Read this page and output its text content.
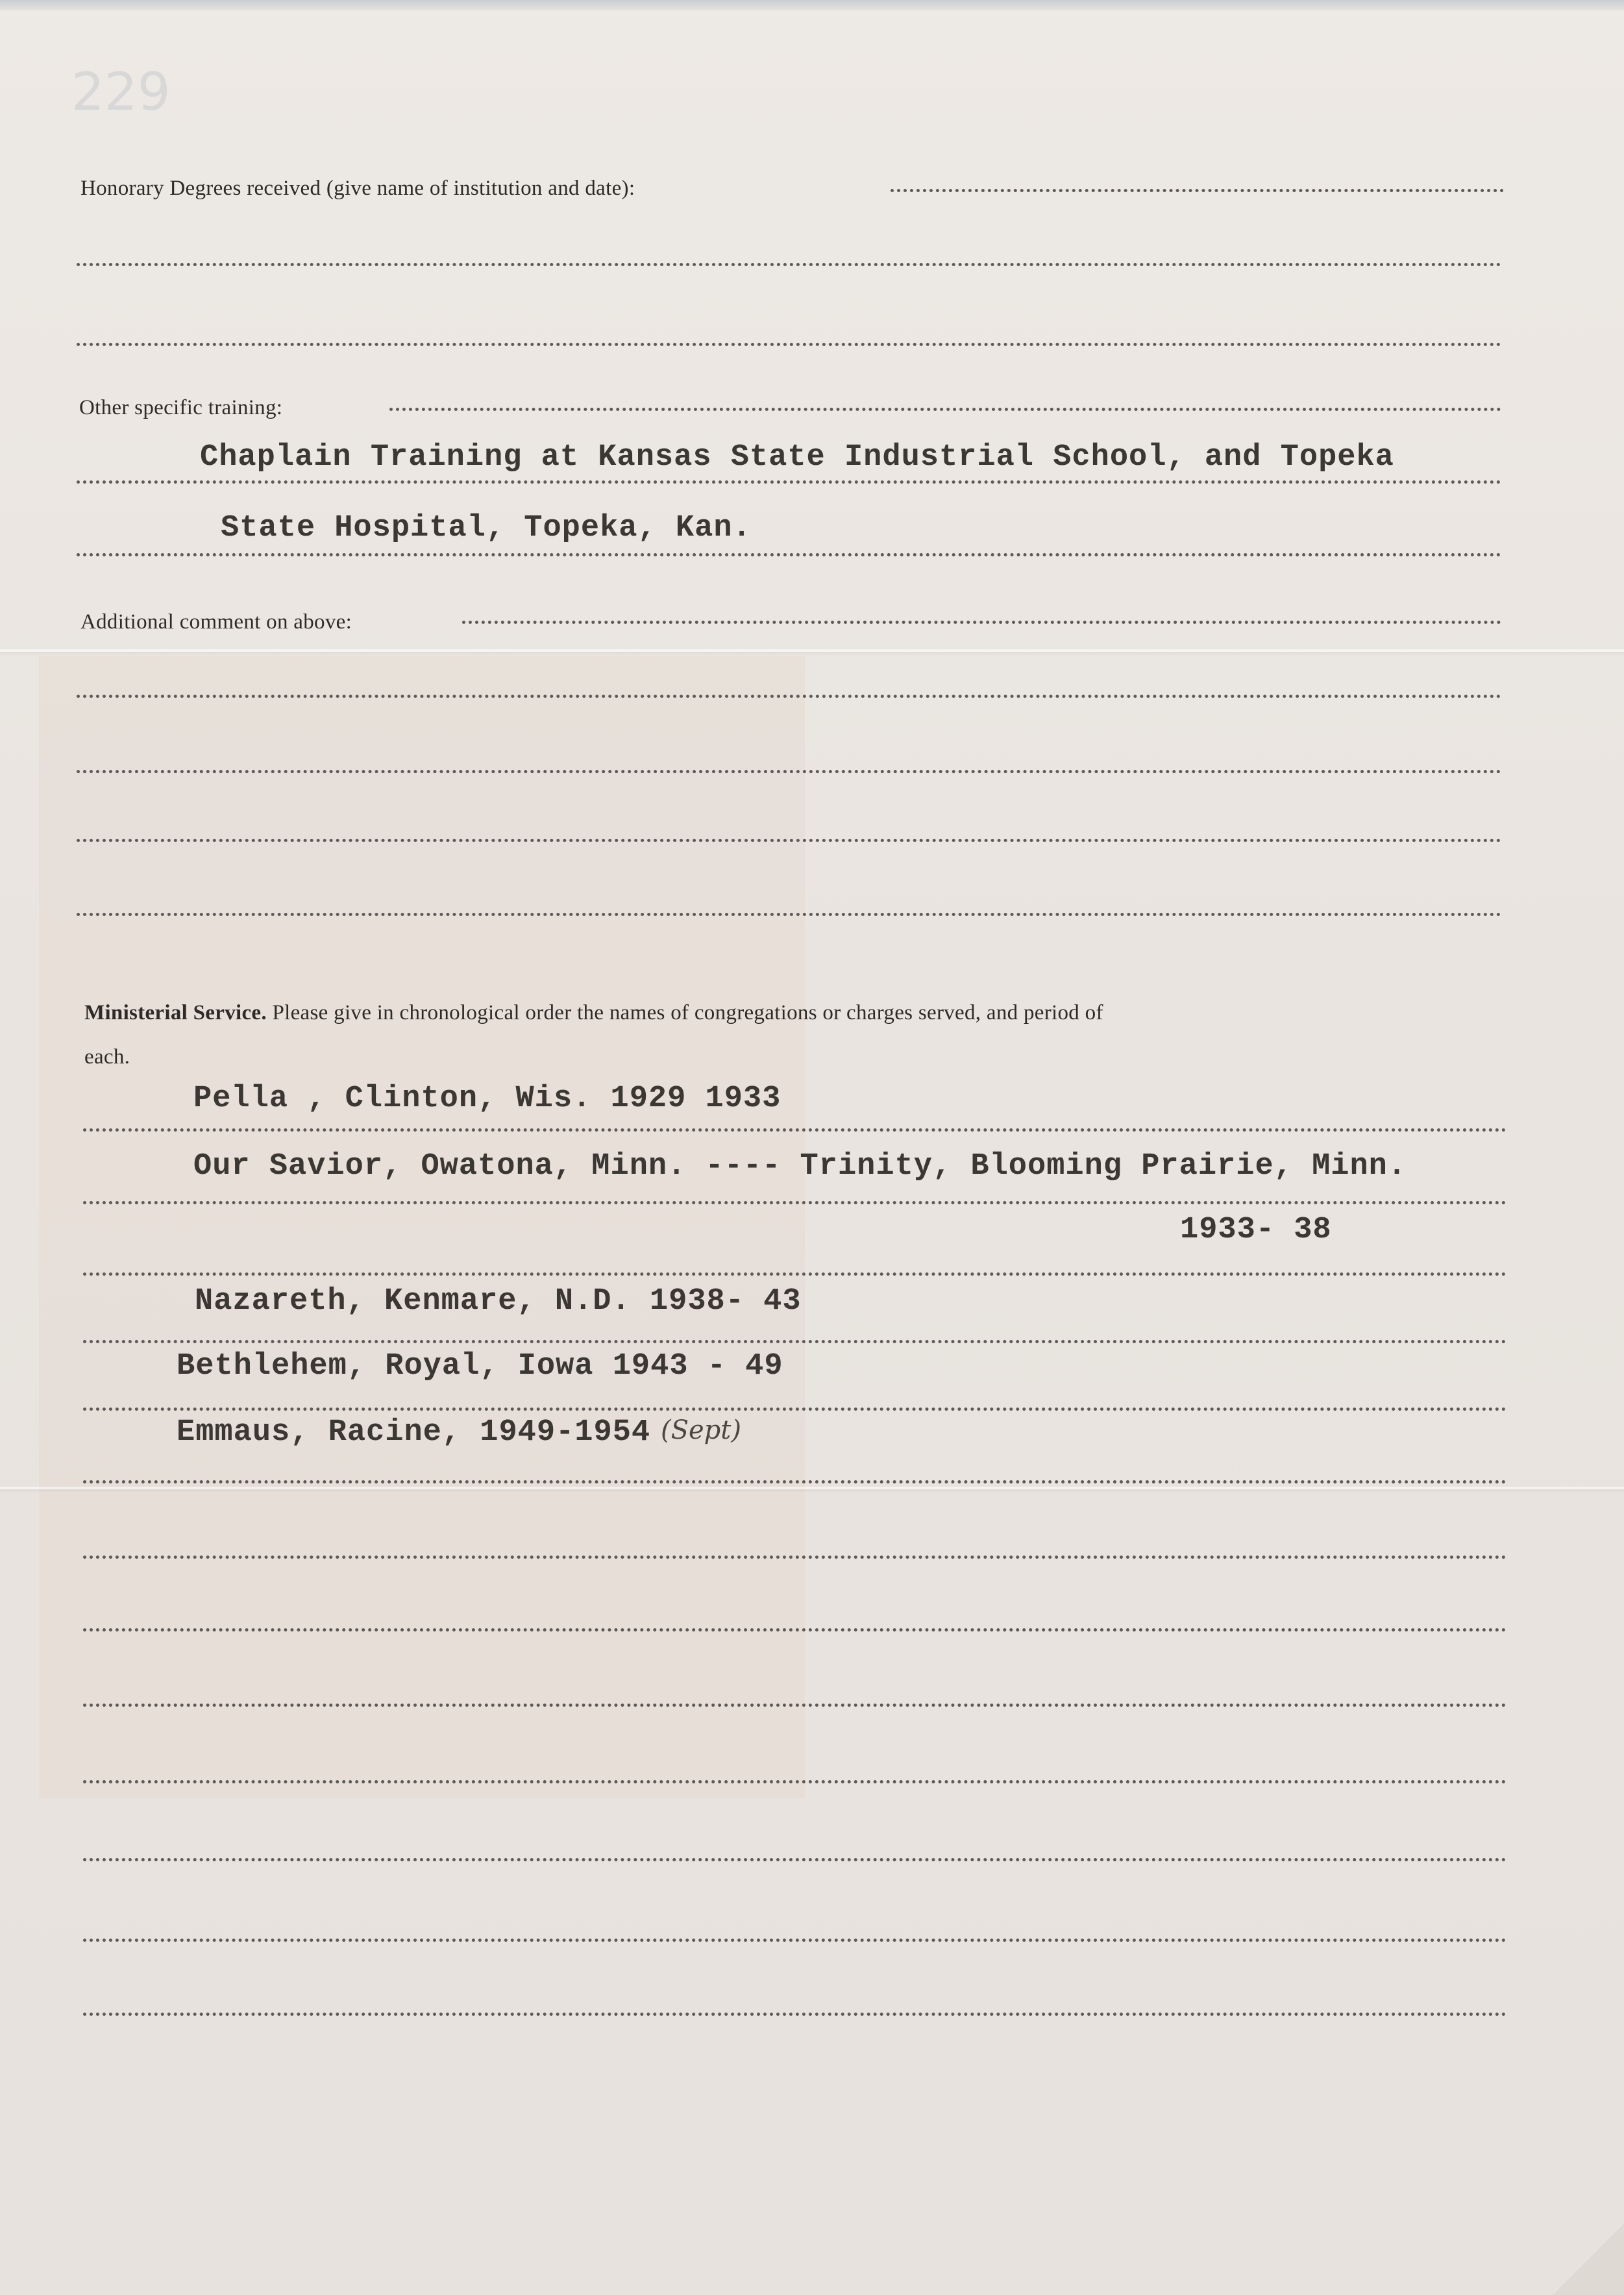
229
Honorary Degrees received (give name of institution and date):
Other specific training:
Chaplain Training at Kansas State Industrial School, and Topeka
State Hospital, Topeka, Kan.
Additional comment on above:
Ministerial Service. Please give in chronological order the names of congregations or charges served, and period of
each.
Pella , Clinton, Wis. 1929 1933
Our Savior, Owatona, Minn. ---- Trinity, Blooming Prairie, Minn.
1933- 38
Nazareth, Kenmare, N.D. 1938- 43
Bethlehem, Royal, Iowa 1943 - 49
Emmaus, Racine, 1949-1954 (Sept)
